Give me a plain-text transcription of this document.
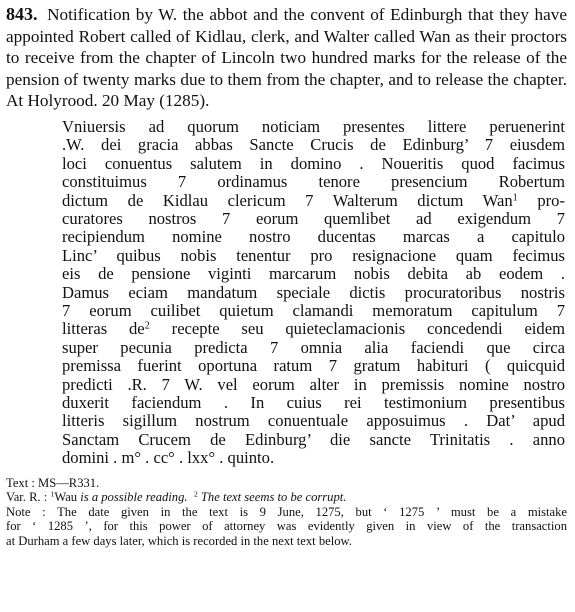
843. Notification by W. the abbot and the convent of Edinburgh that they have appointed Robert called of Kidlau, clerk, and Walter called Wan as their proctors to receive from the chapter of Lincoln two hundred marks for the release of the pension of twenty marks due to them from the chapter, and to release the chapter. At Holyrood. 20 May (1285).

Vniuersis ad quorum noticiam presentes littere peruenerint
.W. dei gracia abbas Sancte Crucis de Edinburg’ 7 eiusdem
loci conuentus salutem in domino . Noueritis quod facimus
constituimus 7 ordinamus tenore presencium Robertum
dictum de Kidlau clericum 7 Walterum dictum Wan$^1$ pro-
curatores nostros 7 eorum quemlibet ad exigendum 7
recipiendum nomine nostro ducentas marcas a capitulo
Linc’ quibus nobis tenentur pro resignacione quam fecimus
eis de pensione viginti marcarum nobis debita ab eodem .
Damus eciam mandatum speciale dictis procuratoribus nostris
7 eorum cuilibet quietum clamandi memoratum capitulum 7
litteras $de^2$ recepte seu quieteclamacionis concedendi eidem
super pecunia predicta 7 omnia alia faciendi que circa
premissa fuerint oportuna ratum 7 gratum habituri ( quicquid
predicti .R. 7 W. vel eorum alter in premissis nomine nostro
duxerit faciendum . In cuius rei testimonium presentibus
litteris sigillum nostrum conuentuale apposuimus . Dat’ apud
Sanctam Crucem de Edinburg’ die sancte Trinitatis . anno
domini . m° . cc° . lxx° . quinto.
Text : MS—R331.
Var. R. : $^1$Wau is a possible reading. $^2$ The text seems to be corrupt.
Note : The date given in the text is 9 June, 1275, but ‘ 1275 ’ must be a mistake
for ‘ 1285 ’, for this power of attorney was evidently given in view of the transaction
at Durham a few days later, which is recorded in the next text below.
